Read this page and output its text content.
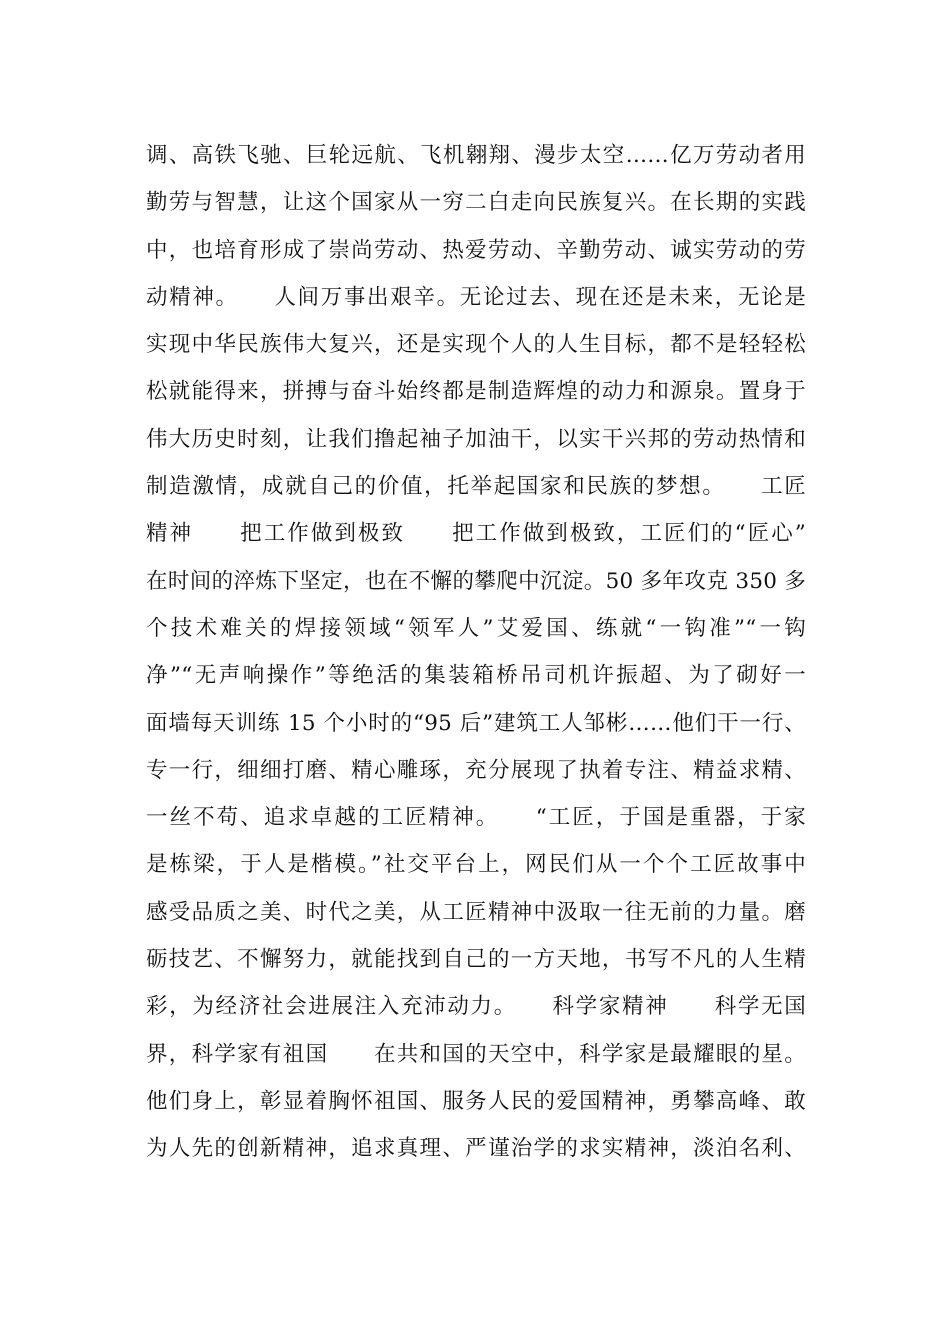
调、高铁飞驰、巨轮远航、飞机翱翔、漫步太空……亿万劳动者用
勤劳与智慧，让这个国家从一穷二白走向民族复兴。在长期的实践
中，也培育形成了崇尚劳动、热爱劳动、辛勤劳动、诚实劳动的劳
动精神。　　人间万事出艰辛。无论过去、现在还是未来，无论是
实现中华民族伟大复兴，还是实现个人的人生目标，都不是轻轻松
松就能得来，拼搏与奋斗始终都是制造辉煌的动力和源泉。置身于
伟大历史时刻，让我们撸起袖子加油干，以实干兴邦的劳动热情和
制造激情，成就自己的价值，托举起国家和民族的梦想。　　工匠
精神　　把工作做到极致　　把工作做到极致，工匠们的“匠心”
在时间的淬炼下坚定，也在不懈的攀爬中沉淀。50 多年攻克 350 多
个技术难关的焊接领域“领军人”艾爱国、练就“一钩准”“一钩
净”“无声响操作”等绝活的集装箱桥吊司机许振超、为了砌好一
面墙每天训练 15 个小时的“95 后”建筑工人邹彬……他们干一行、
专一行，细细打磨、精心雕琢，充分展现了执着专注、精益求精、
一丝不苟、追求卓越的工匠精神。　　“工匠，于国是重器，于家
是栋梁，于人是楷模。”社交平台上，网民们从一个个工匠故事中
感受品质之美、时代之美，从工匠精神中汲取一往无前的力量。磨
砺技艺、不懈努力，就能找到自己的一方天地，书写不凡的人生精
彩，为经济社会进展注入充沛动力。　　科学家精神　　科学无国
界，科学家有祖国　　在共和国的天空中，科学家是最耀眼的星。
他们身上，彰显着胸怀祖国、服务人民的爱国精神，勇攀高峰、敢
为人先的创新精神，追求真理、严谨治学的求实精神，淡泊名利、
